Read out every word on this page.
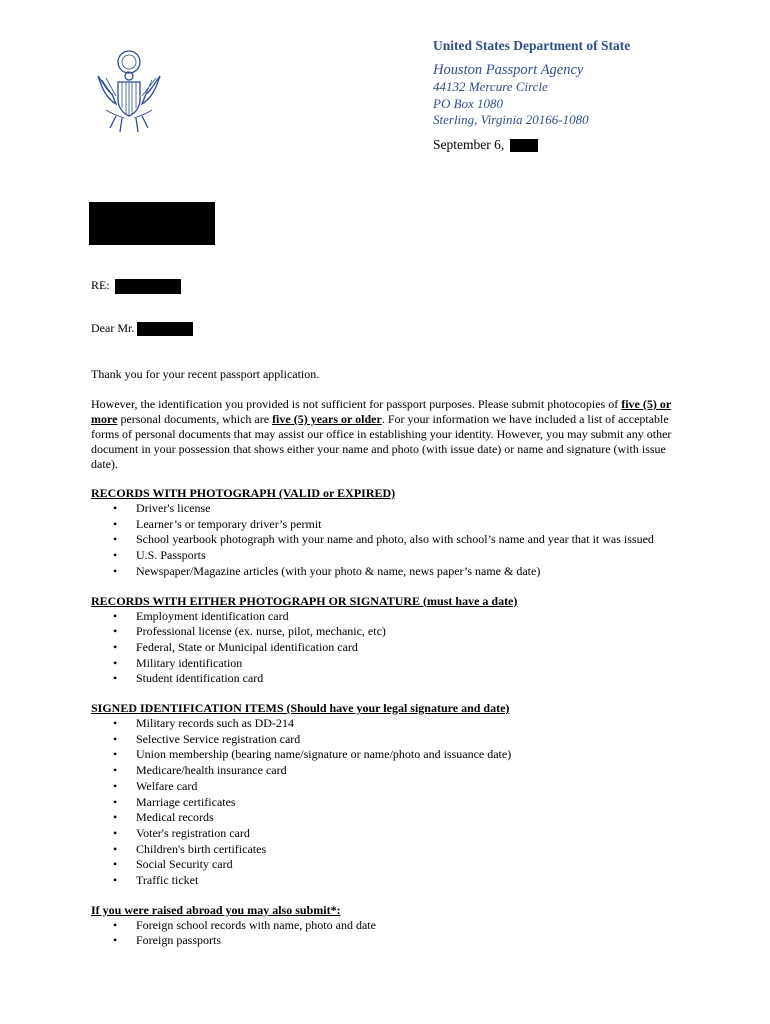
United States Department of State
Houston Passport Agency
44132 Mercure Circle
PO Box 1080
Sterling, Virginia 20166-1080
September 6,
RE:
Dear Mr.

Thank you for your recent passport application.

However, the identification you provided is not sufficient for passport purposes. Please submit photocopies of five (5) or more personal documents, which are five (5) years or older. For your information we have included a list of acceptable forms of personal documents that may assist our office in establishing your identity. However, you may submit any other document in your possession that shows either your name and photo (with issue date) or name and signature (with issue date).

RECORDS WITH PHOTOGRAPH (VALID or EXPIRED)
• Driver's license
• Learner’s or temporary driver’s permit
• School yearbook photograph with your name and photo, also with school’s name and year that it was issued
• U.S. Passports
• Newspaper/Magazine articles (with your photo & name, news paper’s name & date)
RECORDS WITH EITHER PHOTOGRAPH OR SIGNATURE (must have a date)
• Employment identification card
• Professional license (ex. nurse, pilot, mechanic, etc)
• Federal, State or Municipal identification card
• Military identification
• Student identification card
SIGNED IDENTIFICATION ITEMS (Should have your legal signature and date)
• Military records such as DD-214
• Selective Service registration card
• Union membership (bearing name/signature or name/photo and issuance date)
• Medicare/health insurance card
• Welfare card
• Marriage certificates
• Medical records
• Voter's registration card
• Children's birth certificates
• Social Security card
• Traffic ticket
If you were raised abroad you may also submit*:
• Foreign school records with name, photo and date
• Foreign passports
